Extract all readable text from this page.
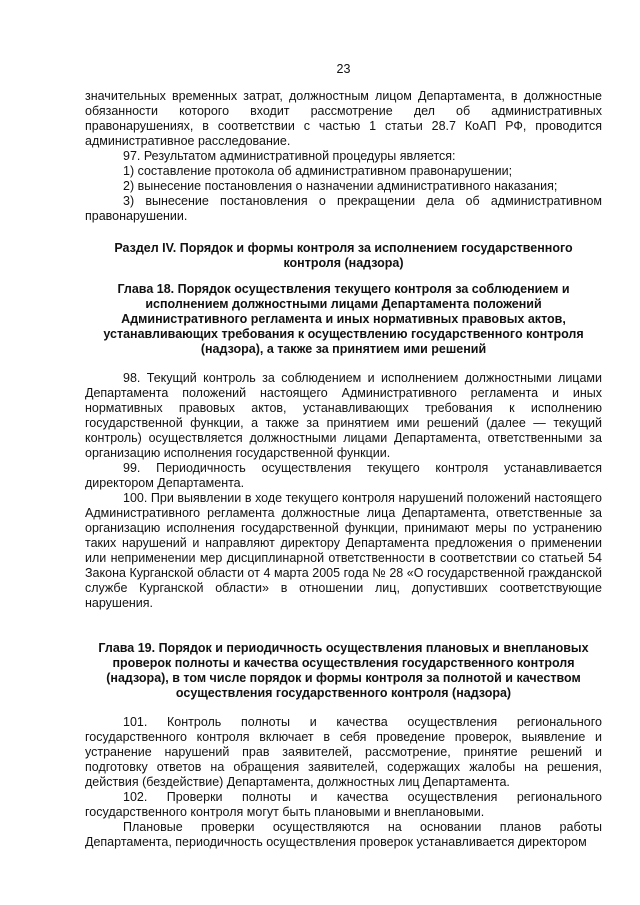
23

значительных временных затрат, должностным лицом Департамента, в должностные обязанности которого входит рассмотрение дел об административных правонарушениях, в соответствии с частью 1 статьи 28.7 КоАП РФ, проводится административное расследование.

97. Результатом административной процедуры является:

1) составление протокола об административном правонарушении;

2) вынесение постановления о назначении административного наказания;

3) вынесение постановления о прекращении дела об административном правонарушении.

Раздел IV. Порядок и формы контроля за исполнением государственного контроля (надзора)
Глава 18. Порядок осуществления текущего контроля за соблюдением и исполнением должностными лицами Департамента положений Административного регламента и иных нормативных правовых актов, устанавливающих требования к осуществлению государственного контроля (надзора), а также за принятием ими решений

98. Текущий контроль за соблюдением и исполнением должностными лицами Департамента положений настоящего Административного регламента и иных нормативных правовых актов, устанавливающих требования к исполнению государственной функции, а также за принятием ими решений (далее — текущий контроль) осуществляется должностными лицами Департамента, ответственными за организацию исполнения государственной функции.

99. Периодичность осуществления текущего контроля устанавливается директором Департамента.

100. При выявлении в ходе текущего контроля нарушений положений настоящего Административного регламента должностные лица Департамента, ответственные за организацию исполнения государственной функции, принимают меры по устранению таких нарушений и направляют директору Департамента предложения о применении или неприменении мер дисциплинарной ответственности в соответствии со статьей 54 Закона Курганской области от 4 марта 2005 года № 28 «О государственной гражданской службе Курганской области» в отношении лиц, допустивших соответствующие нарушения.

Глава 19. Порядок и периодичность осуществления плановых и внеплановых проверок полноты и качества осуществления государственного контроля (надзора), в том числе порядок и формы контроля за полнотой и качеством осуществления государственного контроля (надзора)

101. Контроль полноты и качества осуществления регионального государственного контроля включает в себя проведение проверок, выявление и устранение нарушений прав заявителей, рассмотрение, принятие решений и подготовку ответов на обращения заявителей, содержащих жалобы на решения, действия (бездействие) Департамента, должностных лиц Департамента.

102. Проверки полноты и качества осуществления регионального государственного контроля могут быть плановыми и внеплановыми.

Плановые проверки осуществляются на основании планов работы Департамента, периодичность осуществления проверок устанавливается директором
